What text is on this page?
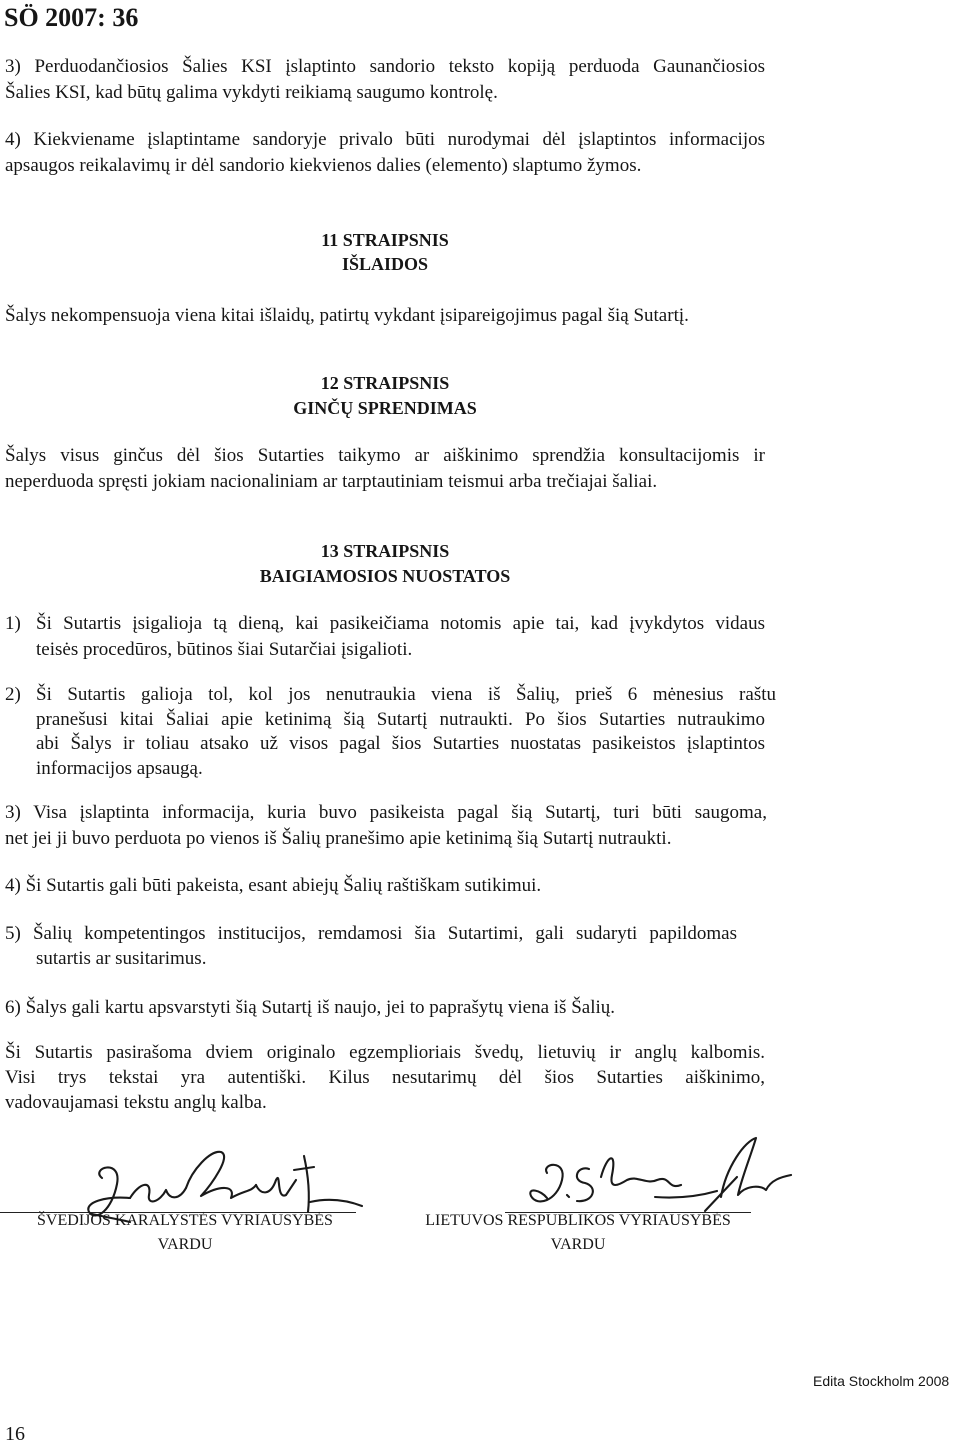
SÖ 2007: 36
3) Perduodančiosios Šalies KSI įslaptinto sandorio teksto kopiją perduoda Gaunančiosios
Šalies KSI, kad būtų galima vykdyti reikiamą saugumo kontrolę.
4) Kiekviename įslaptintame sandoryje privalo būti nurodymai dėl įslaptintos informacijos
apsaugos reikalavimų ir dėl sandorio kiekvienos dalies (elemento) slaptumo žymos.
11 STRAIPSNIS
IŠLAIDOS
Šalys nekompensuoja viena kitai išlaidų, patirtų vykdant įsipareigojimus pagal šią Sutartį.
12 STRAIPSNIS
GINČŲ SPRENDIMAS
Šalys visus ginčus dėl šios Sutarties taikymo ar aiškinimo sprendžia konsultacijomis ir
neperduoda spręsti jokiam nacionaliniam ar tarptautiniam teismui arba trečiajai šaliai.
13 STRAIPSNIS
BAIGIAMOSIOS NUOSTATOS
1) Ši Sutartis įsigalioja tą dieną, kai pasikeičiama notomis apie tai, kad įvykdytos vidaus
teisės procedūros, būtinos šiai Sutarčiai įsigalioti.
2) Ši Sutartis galioja tol, kol jos nenutraukia viena iš Šalių, prieš 6 mėnesius raštu
pranešusi kitai Šaliai apie ketinimą šią Sutartį nutraukti. Po šios Sutarties nutraukimo
abi Šalys ir toliau atsako už visos pagal šios Sutarties nuostatas pasikeistos įslaptintos
informacijos apsaugą.
3) Visa įslaptinta informacija, kuria buvo pasikeista pagal šią Sutartį, turi būti saugoma,
net jei ji buvo perduota po vienos iš Šalių pranešimo apie ketinimą šią Sutartį nutraukti.
4) Ši Sutartis gali būti pakeista, esant abiejų Šalių raštiškam sutikimui.
5) Šalių kompetentingos institucijos, remdamosi šia Sutartimi, gali sudaryti papildomas
sutartis ar susitarimus.
6) Šalys gali kartu apsvarstyti šią Sutartį iš naujo, jei to paprašytų viena iš Šalių.
Ši Sutartis pasirašoma dviem originalo egzemplioriais švedų, lietuvių ir anglų kalbomis.
Visi trys tekstai yra autentiški. Kilus nesutarimų dėl šios Sutarties aiškinimo,
vadovaujamasi tekstu anglų kalba.
ŠVEDIJOS KARALYSTĖS VYRIAUSYBĖS
VARDU
LIETUVOS RESPUBLIKOS VYRIAUSYBĖS
VARDU
Edita Stockholm 2008
16
